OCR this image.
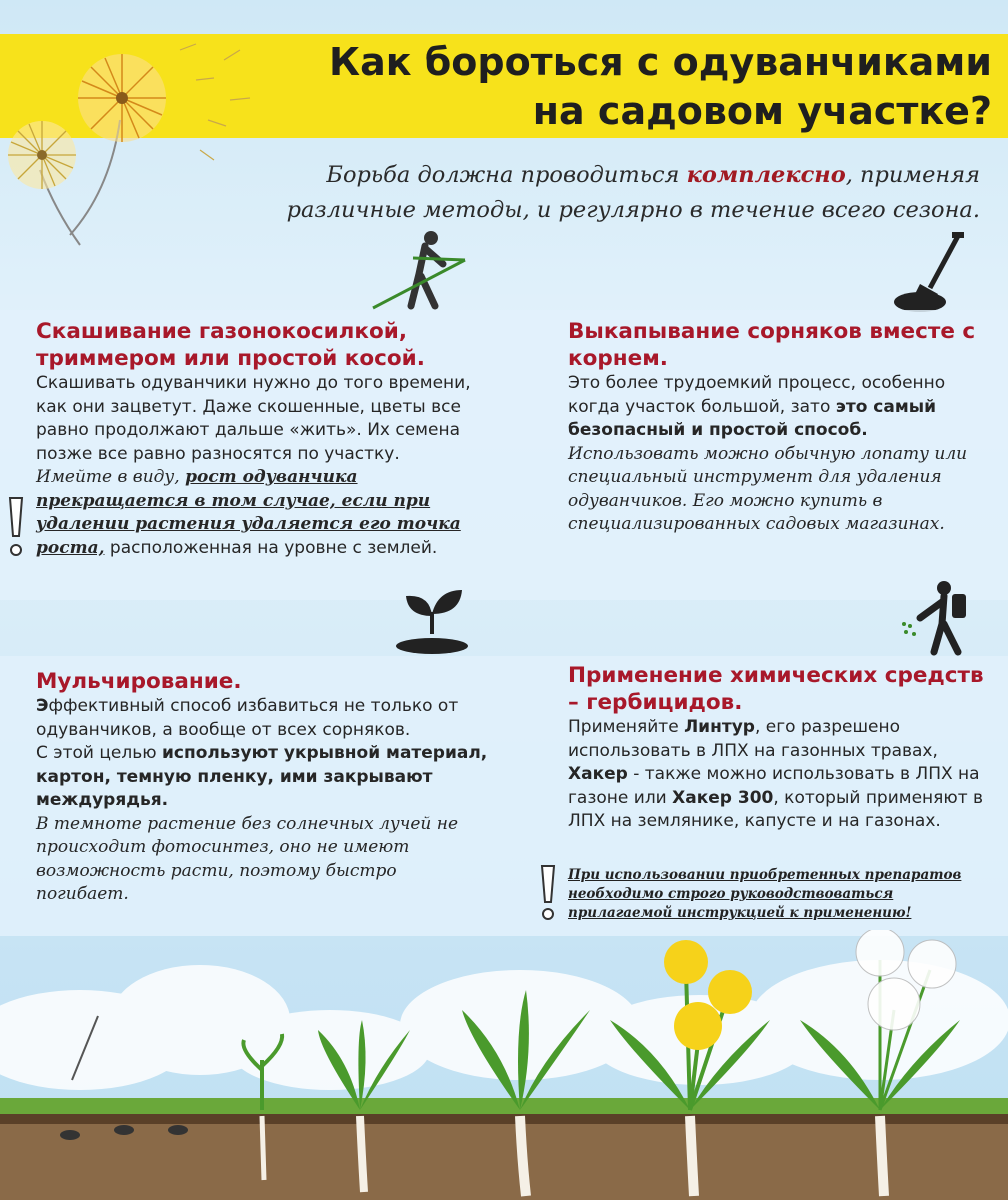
Как бороться с одуванчиками
на садовом участке?

Борьба должна проводиться комплексно, применяя различные методы, и регулярно в течение всего сезона.

Скашивание газонокосилкой, триммером или простой косой.

Скашивать одуванчики нужно до того времени, как они зацветут. Даже скошенные, цветы все равно продолжают дальше «жить». Их семена позже все равно разносятся по участку.

Имейте в виду, рост одуванчика прекращается в том случае, если при удалении растения удаляется его точка роста, расположенная на уровне с землей.

Выкапывание сорняков вместе с корнем.

Это более трудоемкий процесс, особенно когда участок большой, зато это самый безопасный и простой способ.

Использовать можно обычную лопату или специальный инструмент для удаления одуванчиков. Его можно купить в специализированных садовых магазинах.

Мульчирование.

Эффективный способ избавиться не только от одуванчиков, а вообще от всех сорняков.

С этой целью используют укрывной материал, картон, темную пленку, ими закрывают междурядья.

В темноте растение без солнечных лучей не происходит фотосинтез, оно не имеют возможность расти, поэтому быстро погибает.

Применение химических средств – гербицидов.

Применяйте Линтур, его разрешено использовать в ЛПХ на газонных травах, Хакер - также можно использовать в ЛПХ на газоне или Хакер 300, который применяют в ЛПХ на землянике, капусте и на газонах.

При использовании приобретенных препаратов необходимо строго руководствоваться прилагаемой инструкцией к применению!
